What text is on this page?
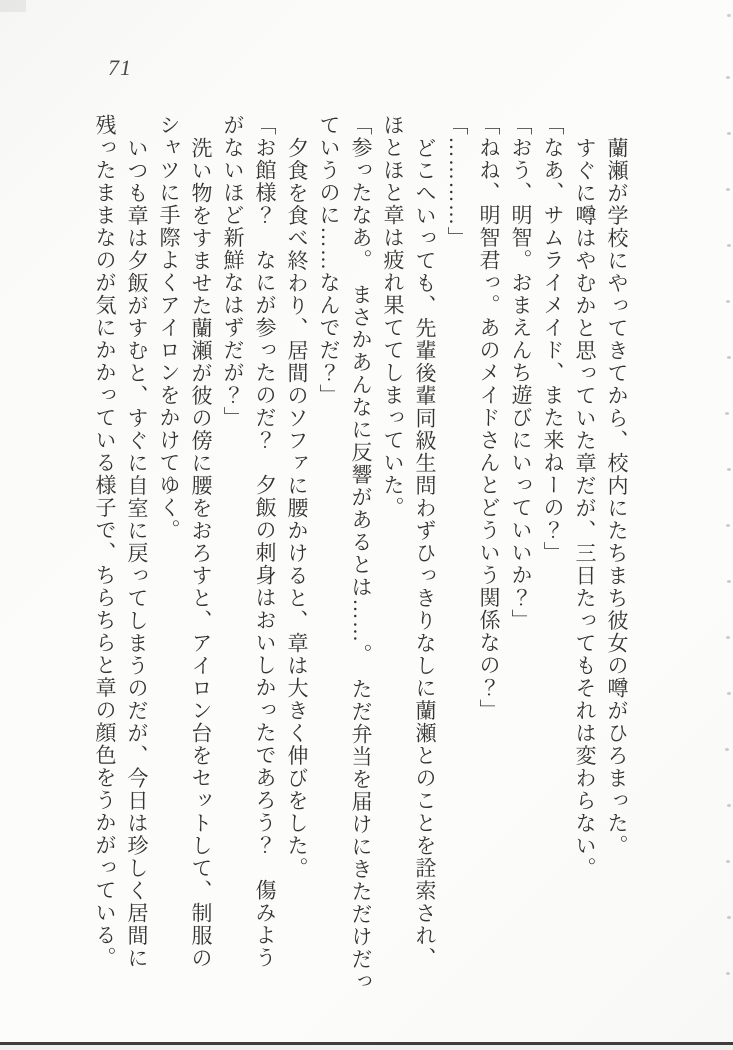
71

蘭瀬が学校にやってきてから、校内にたちまち彼女の噂がひろまった。

すぐに噂はやむかと思っていた章だが、三日たってもそれは変わらない。

「なあ、サムライメイド、また来ねーの？」

「おう、明智。おまえんち遊びにいっていいか？」

「ねね、明智君っ。あのメイドさんとどういう関係なの？」

「…………」

どこへいっても、先輩後輩同級生問わずひっきりなしに蘭瀬とのことを詮索され、

ほとほと章は疲れ果ててしまっていた。

「参ったなあ。　まさかあんなに反響があるとは……。　ただ弁当を届けにきただけだっ

ていうのに……なんでだ？」

夕食を食べ終わり、居間のソファに腰かけると、章は大きく伸びをした。

「お館様？　なにが参ったのだ？　夕飯の刺身はおいしかったであろう？　傷みよう

がないほど新鮮なはずだが？」

洗い物をすませた蘭瀬が彼の傍に腰をおろすと、アイロン台をセットして、制服の

シャツに手際よくアイロンをかけてゆく。

いつも章は夕飯がすむと、すぐに自室に戻ってしまうのだが、今日は珍しく居間に

残ったままなのが気にかかっている様子で、ちらちらと章の顔色をうかがっている。
